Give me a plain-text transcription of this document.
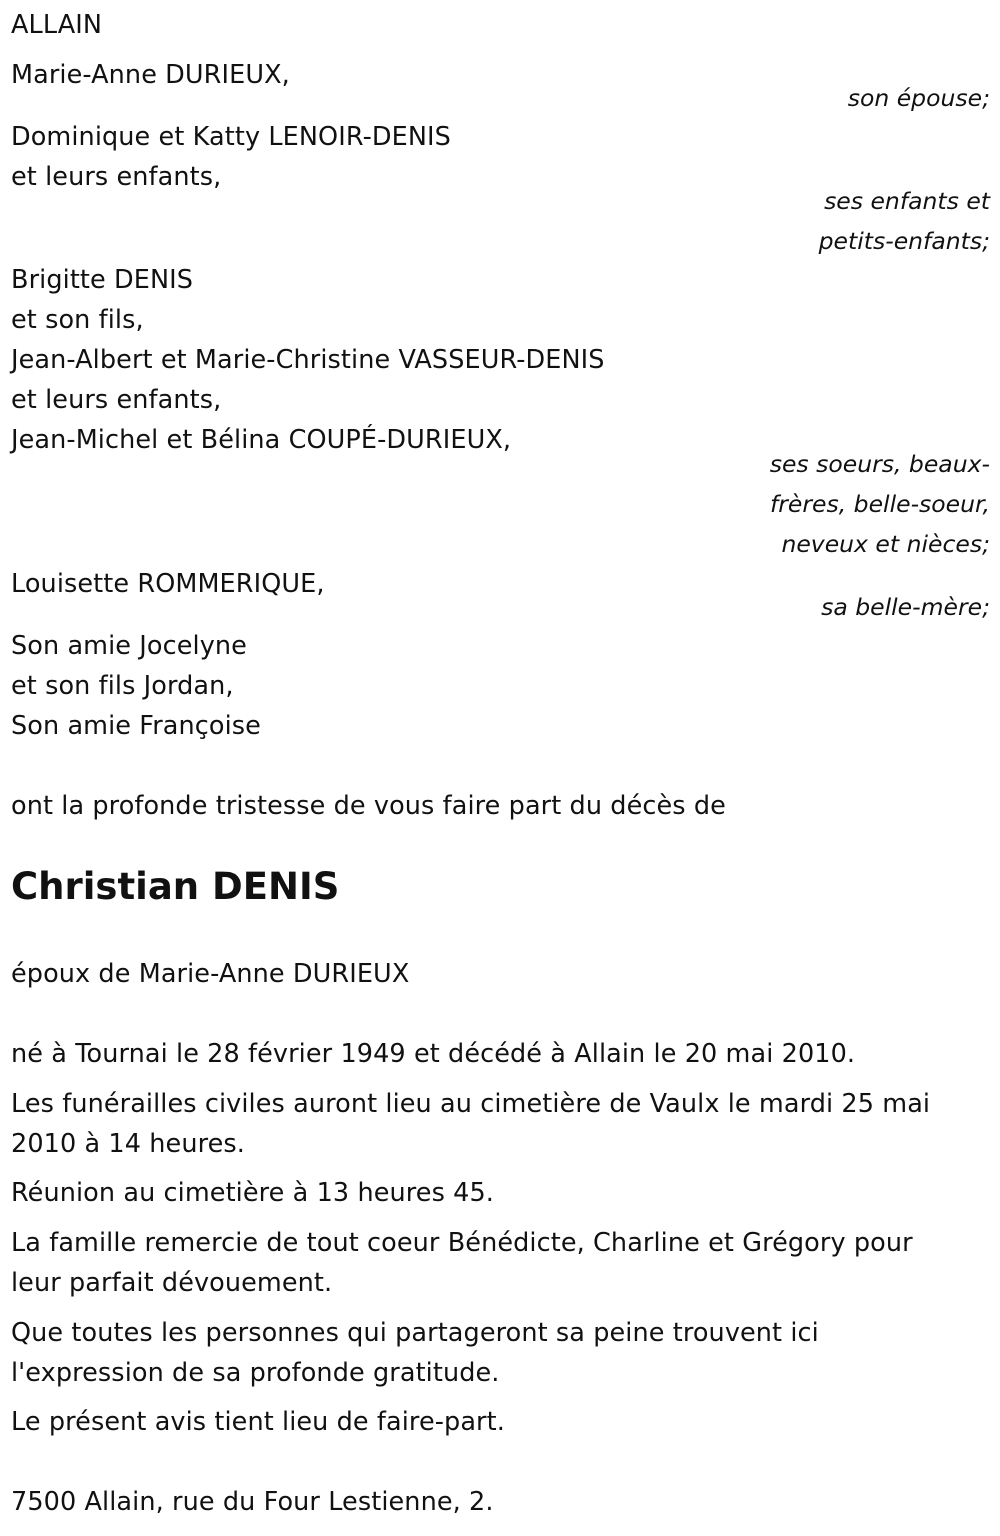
ALLAIN
Marie-Anne DURIEUX,
son épouse;
Dominique et Katty LENOIR-DENIS
et leurs enfants,
ses enfants et
petits-enfants;
Brigitte DENIS
et son fils,
Jean-Albert et Marie-Christine VASSEUR-DENIS
et leurs enfants,
Jean-Michel et Bélina COUPÉ-DURIEUX,
ses soeurs, beaux-
frères, belle-soeur,
neveux et nièces;
Louisette ROMMERIQUE,
sa belle-mère;
Son amie Jocelyne
et son fils Jordan,
Son amie Françoise
ont la profonde tristesse de vous faire part du décès de
Christian DENIS
époux de Marie-Anne DURIEUX
né à Tournai le 28 février 1949 et décédé à Allain le 20 mai 2010.
Les funérailles civiles auront lieu au cimetière de Vaulx le mardi 25 mai
2010 à 14 heures.
Réunion au cimetière à 13 heures 45.
La famille remercie de tout coeur Bénédicte, Charline et Grégory pour
leur parfait dévouement.
Que toutes les personnes qui partageront sa peine trouvent ici
l'expression de sa profonde gratitude.
Le présent avis tient lieu de faire-part.
7500 Allain, rue du Four Lestienne, 2.
